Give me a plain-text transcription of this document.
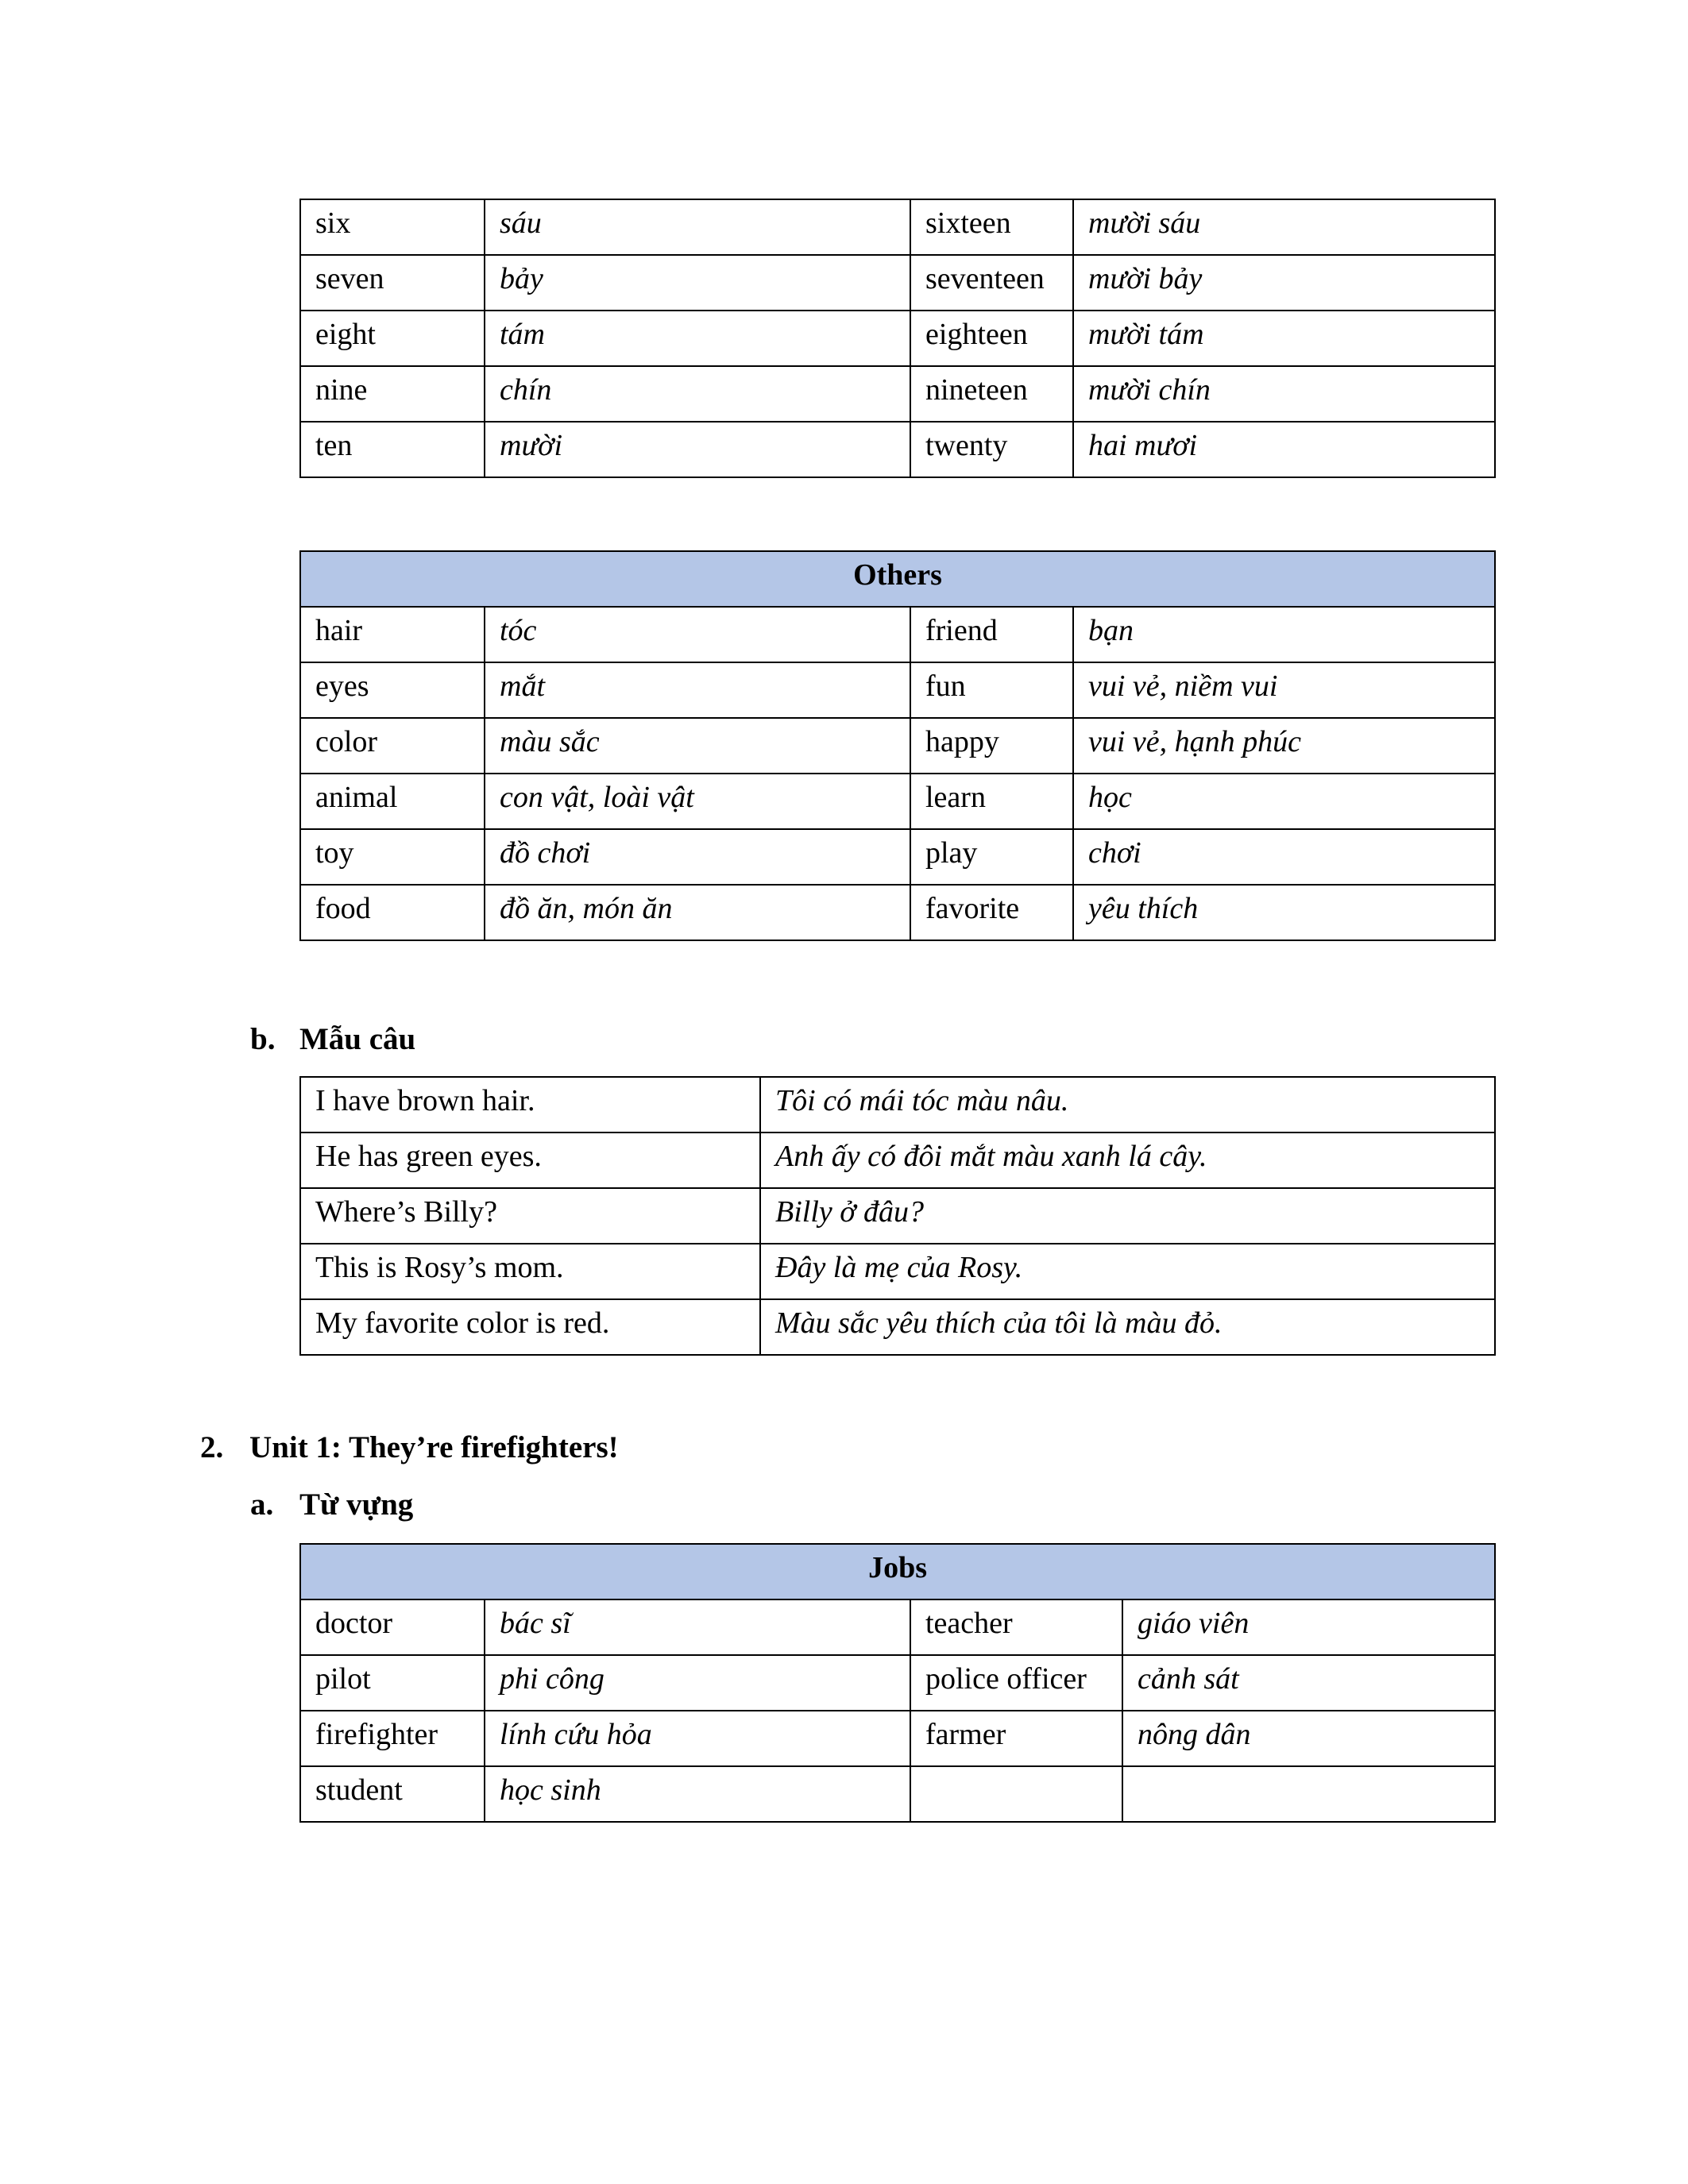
six	sáu	sixteen	mười sáu
seven	bảy	seventeen	mười bảy
eight	tám	eighteen	mười tám
nine	chín	nineteen	mười chín
ten	mười	twenty	hai mươi
Others			
hair	tóc	friend	bạn
eyes	mắt	fun	vui vẻ, niềm vui
color	màu sắc	happy	vui vẻ, hạnh phúc
animal	con vật, loài vật	learn	học
toy	đồ chơi	play	chơi
food	đồ ăn, món ăn	favorite	yêu thích
b. Mẫu câu
I have brown hair.	Tôi có mái tóc màu nâu.
He has green eyes.	Anh ấy có đôi mắt màu xanh lá cây.
Where’s Billy?	Billy ở đâu?
This is Rosy’s mom.	Đây là mẹ của Rosy.
My favorite color is red.	Màu sắc yêu thích của tôi là màu đỏ.
2. Unit 1: They’re firefighters!
a. Từ vựng
Jobs			
doctor	bác sĩ	teacher	giáo viên
pilot	phi công	police officer	cảnh sát
firefighter	lính cứu hỏa	farmer	nông dân
student	học sinh		
